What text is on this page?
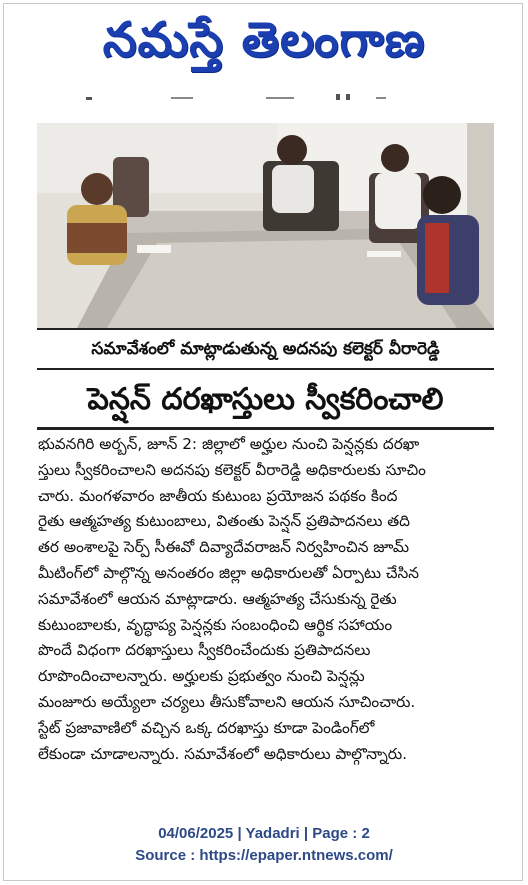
నమస్తే తెలంగాణ
సమావేశంలో మాట్లాడుతున్న అదనపు కలెక్టర్ వీరారెడ్డి
పెన్షన్ దరఖాస్తులు స్వీకరించాలి
భువనగిరి అర్బన్, జూన్ 2: జిల్లాలో అర్హుల నుంచి పెన్షన్లకు దరఖా
స్తులు స్వీకరించాలని అదనపు కలెక్టర్ వీరారెడ్డి అధికారులకు సూచిం
చారు. మంగళవారం జాతీయ కుటుంబ ప్రయోజన పథకం కింద
రైతు ఆత్మహత్య కుటుంబాలు, వితంతు పెన్షన్ ప్రతిపాదనలు తది
తర అంశాలపై సెర్ప్ సీఈవో దివ్యాదేవరాజన్ నిర్వహించిన జూమ్
మీటింగ్‌లో పాల్గొన్న అనంతరం జిల్లా అధికారులతో ఏర్పాటు చేసిన
సమావేశంలో ఆయన మాట్లాడారు. ఆత్మహత్య చేసుకున్న రైతు
కుటుంబాలకు, వృద్ధాప్య పెన్షన్లకు సంబంధించి ఆర్థిక సహాయం
పొందే విధంగా దరఖాస్తులు స్వీకరించేందుకు ప్రతిపాదనలు
రూపొందించాలన్నారు. అర్హులకు ప్రభుత్వం నుంచి పెన్షన్లు
మంజూరు అయ్యేలా చర్యలు తీసుకోవాలని ఆయన సూచించారు.
స్టేట్ ప్రజావాణిలో వచ్చిన ఒక్క దరఖాస్తు కూడా పెండింగ్‌లో
లేకుండా చూడాలన్నారు. సమావేశంలో అధికారులు పాల్గొన్నారు.
04/06/2025 | Yadadri | Page : 2
Source : https://epaper.ntnews.com/
